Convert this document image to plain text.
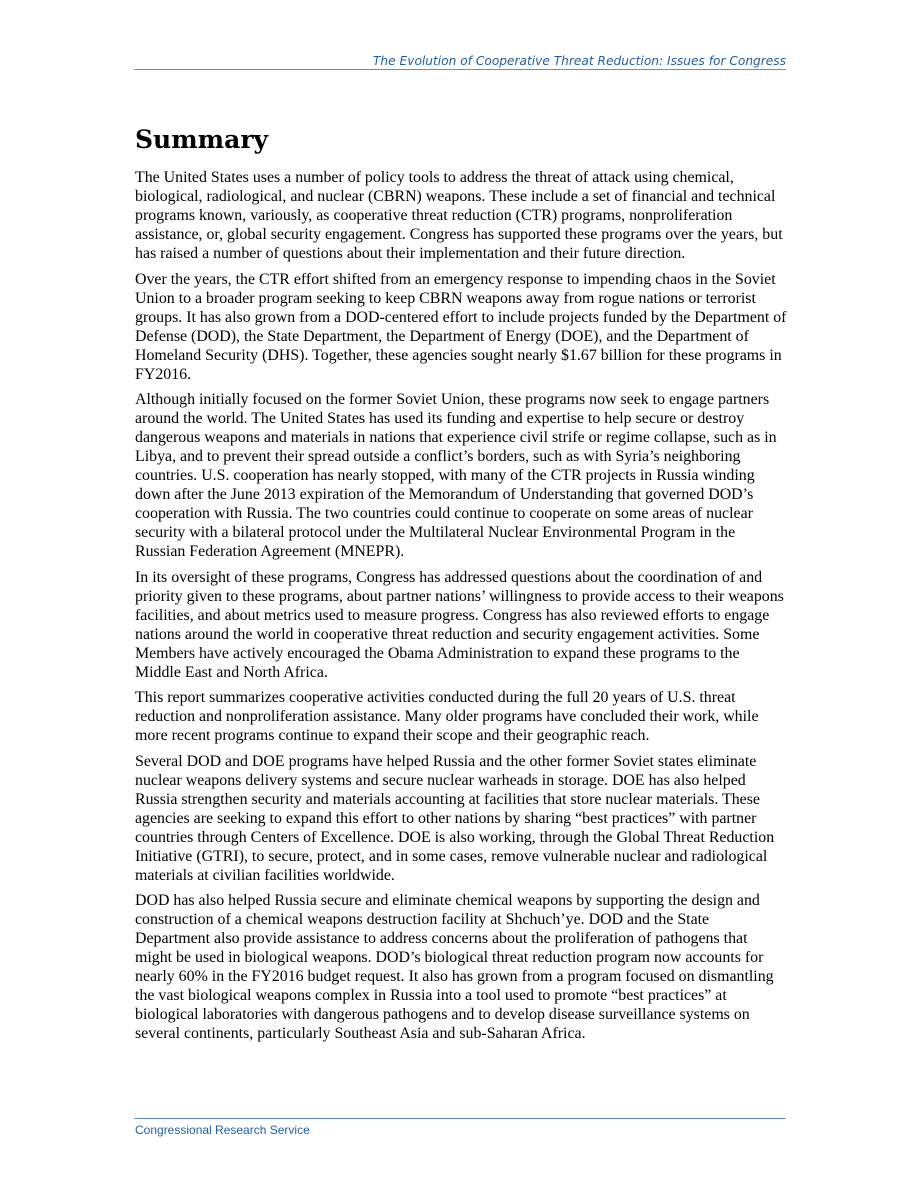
The Evolution of Cooperative Threat Reduction: Issues for Congress
Summary

The United States uses a number of policy tools to address the threat of attack using chemical, biological, radiological, and nuclear (CBRN) weapons. These include a set of financial and technical programs known, variously, as cooperative threat reduction (CTR) programs, nonproliferation assistance, or, global security engagement. Congress has supported these programs over the years, but has raised a number of questions about their implementation and their future direction.

Over the years, the CTR effort shifted from an emergency response to impending chaos in the Soviet Union to a broader program seeking to keep CBRN weapons away from rogue nations or terrorist groups. It has also grown from a DOD-centered effort to include projects funded by the Department of Defense (DOD), the State Department, the Department of Energy (DOE), and the Department of Homeland Security (DHS). Together, these agencies sought nearly $1.67 billion for these programs in FY2016.

Although initially focused on the former Soviet Union, these programs now seek to engage partners around the world. The United States has used its funding and expertise to help secure or destroy dangerous weapons and materials in nations that experience civil strife or regime collapse, such as in Libya, and to prevent their spread outside a conflict’s borders, such as with Syria’s neighboring countries. U.S. cooperation has nearly stopped, with many of the CTR projects in Russia winding down after the June 2013 expiration of the Memorandum of Understanding that governed DOD’s cooperation with Russia. The two countries could continue to cooperate on some areas of nuclear security with a bilateral protocol under the Multilateral Nuclear Environmental Program in the Russian Federation Agreement (MNEPR).

In its oversight of these programs, Congress has addressed questions about the coordination of and priority given to these programs, about partner nations’ willingness to provide access to their weapons facilities, and about metrics used to measure progress. Congress has also reviewed efforts to engage nations around the world in cooperative threat reduction and security engagement activities. Some Members have actively encouraged the Obama Administration to expand these programs to the Middle East and North Africa.

This report summarizes cooperative activities conducted during the full 20 years of U.S. threat reduction and nonproliferation assistance. Many older programs have concluded their work, while more recent programs continue to expand their scope and their geographic reach.

Several DOD and DOE programs have helped Russia and the other former Soviet states eliminate nuclear weapons delivery systems and secure nuclear warheads in storage. DOE has also helped Russia strengthen security and materials accounting at facilities that store nuclear materials. These agencies are seeking to expand this effort to other nations by sharing “best practices” with partner countries through Centers of Excellence. DOE is also working, through the Global Threat Reduction Initiative (GTRI), to secure, protect, and in some cases, remove vulnerable nuclear and radiological materials at civilian facilities worldwide.

DOD has also helped Russia secure and eliminate chemical weapons by supporting the design and construction of a chemical weapons destruction facility at Shchuch’ye. DOD and the State Department also provide assistance to address concerns about the proliferation of pathogens that might be used in biological weapons. DOD’s biological threat reduction program now accounts for nearly 60% in the FY2016 budget request. It also has grown from a program focused on dismantling the vast biological weapons complex in Russia into a tool used to promote “best practices” at biological laboratories with dangerous pathogens and to develop disease surveillance systems on several continents, particularly Southeast Asia and sub-Saharan Africa.

Congressional Research Service
